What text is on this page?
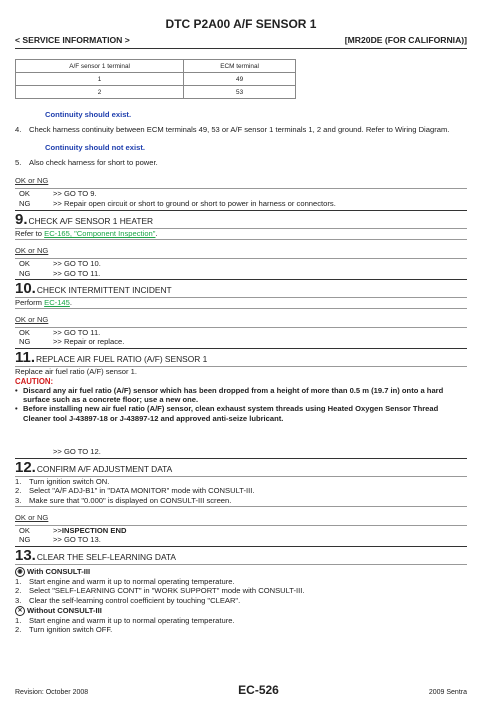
DTC P2A00 A/F SENSOR 1
< SERVICE INFORMATION >	[MR20DE (FOR CALIFORNIA)]
A/F sensor 1 terminal	ECM terminal
1	49
2	53
Continuity should exist.
4.	Check harness continuity between ECM terminals 49, 53 or A/F sensor 1 terminals 1, 2 and ground. Refer to Wiring Diagram.
Continuity should not exist.
5.	Also check harness for short to power.
OK or NG
OK	>> GO TO 9.
NG	>> Repair open circuit or short to ground or short to power in harness or connectors.
9. CHECK A/F SENSOR 1 HEATER
Refer to EC-165, "Component Inspection".
OK or NG
OK	>> GO TO 10.
NG	>> GO TO 11.
10. CHECK INTERMITTENT INCIDENT
Perform EC-145.
OK or NG
OK	>> GO TO 11.
NG	>> Repair or replace.
11. REPLACE AIR FUEL RATIO (A/F) SENSOR 1
Replace air fuel ratio (A/F) sensor 1.
CAUTION:
• Discard any air fuel ratio (A/F) sensor which has been dropped from a height of more than 0.5 m (19.7 in) onto a hard surface such as a concrete floor; use a new one.
• Before installing new air fuel ratio (A/F) sensor, clean exhaust system threads using Heated Oxygen Sensor Thread Cleaner tool J-43897-18 or J-43897-12 and approved anti-seize lubricant.
>> GO TO 12.
12. CONFIRM A/F ADJUSTMENT DATA
1.	Turn ignition switch ON.
2.	Select "A/F ADJ-B1" in "DATA MONITOR" mode with CONSULT-III.
3.	Make sure that "0.000" is displayed on CONSULT-III screen.
OK or NG
OK	>> INSPECTION END
NG	>> GO TO 13.
13. CLEAR THE SELF-LEARNING DATA
◉ With CONSULT-III
1.	Start engine and warm it up to normal operating temperature.
2.	Select "SELF-LEARNING CONT" in "WORK SUPPORT" mode with CONSULT-III.
3.	Clear the self-learning control coefficient by touching "CLEAR".
✕ Without CONSULT-III
1.	Start engine and warm it up to normal operating temperature.
2.	Turn ignition switch OFF.
Revision: October 2008	EC-526	2009 Sentra
